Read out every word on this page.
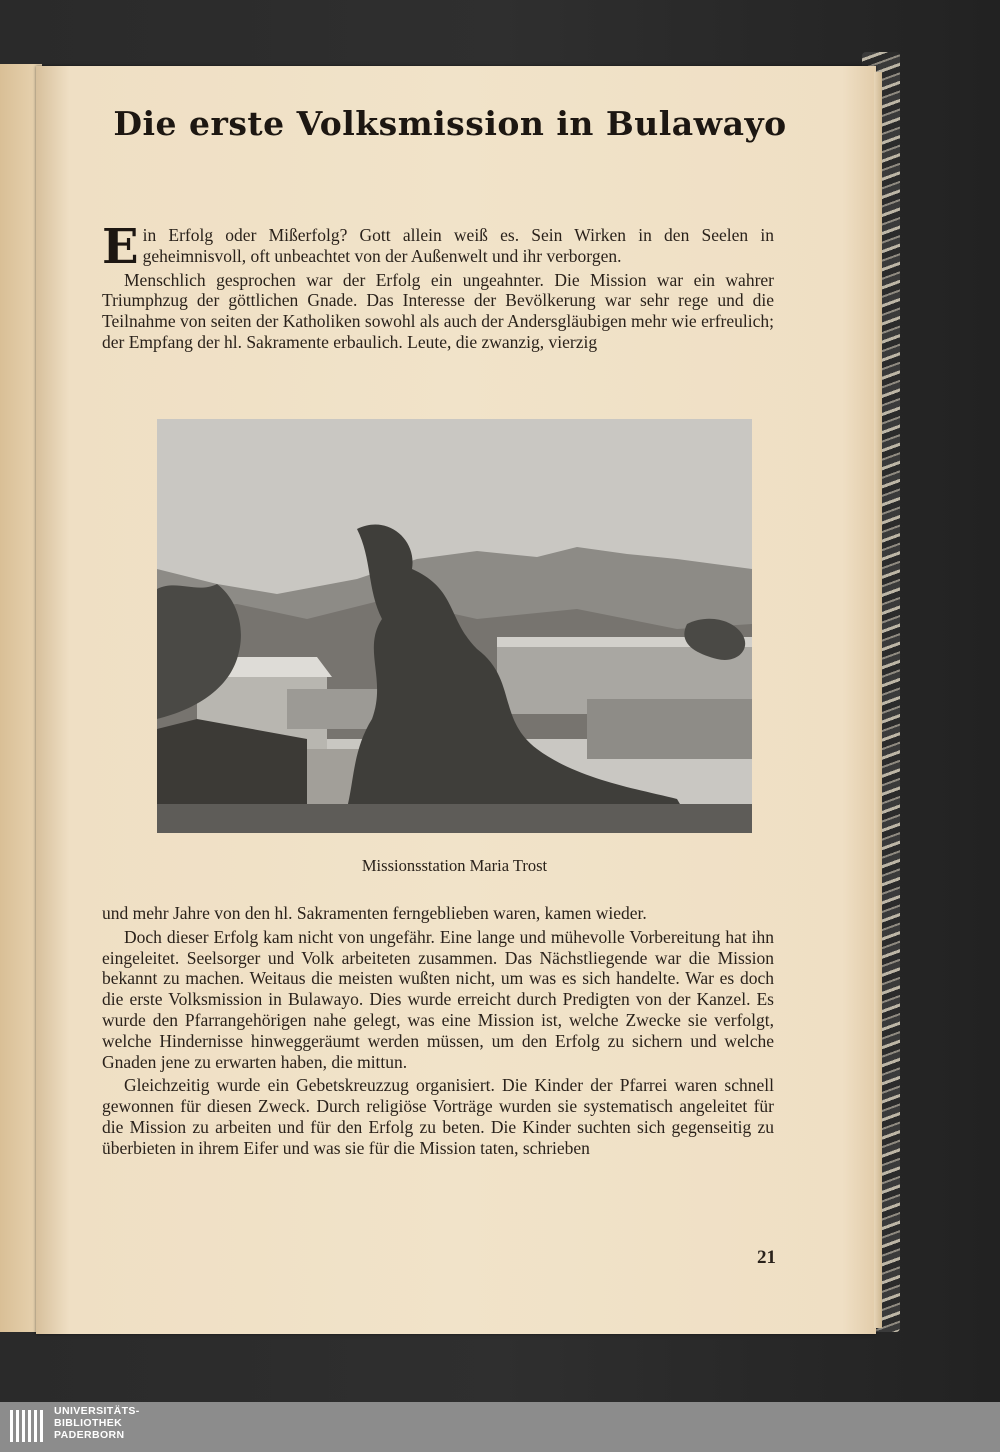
Die erste Volksmission in Bulawayo

Ein Erfolg oder Mißerfolg? Gott allein weiß es. Sein Wirken in den Seelen in geheimnisvoll, oft unbeachtet von der Außenwelt und ihr verborgen.

Menschlich gesprochen war der Erfolg ein ungeahnter. Die Mission war ein wahrer Triumphzug der göttlichen Gnade. Das Interesse der Bevölkerung war sehr rege und die Teilnahme von seiten der Katholiken sowohl als auch der Andersgläubigen mehr wie erfreulich; der Empfang der hl. Sakramente erbaulich. Leute, die zwanzig, vierzig

Missionsstation Maria Trost

und mehr Jahre von den hl. Sakramenten ferngeblieben waren, kamen wieder.

Doch dieser Erfolg kam nicht von ungefähr. Eine lange und mühevolle Vorbereitung hat ihn eingeleitet. Seelsorger und Volk arbeiteten zusammen. Das Nächstliegende war die Mission bekannt zu machen. Weitaus die meisten wußten nicht, um was es sich handelte. War es doch die erste Volksmission in Bulawayo. Dies wurde erreicht durch Predigten von der Kanzel. Es wurde den Pfarrangehörigen nahe gelegt, was eine Mission ist, welche Zwecke sie verfolgt, welche Hindernisse hinweggeräumt werden müssen, um den Erfolg zu sichern und welche Gnaden jene zu erwarten haben, die mittun.

Gleichzeitig wurde ein Gebetskreuzzug organisiert. Die Kinder der Pfarrei waren schnell gewonnen für diesen Zweck. Durch religiöse Vorträge wurden sie systematisch angeleitet für die Mission zu arbeiten und für den Erfolg zu beten. Die Kinder suchten sich gegenseitig zu überbieten in ihrem Eifer und was sie für die Mission taten, schrieben

21

UNIVERSITÄTS-
BIBLIOTHEK
PADERBORN
